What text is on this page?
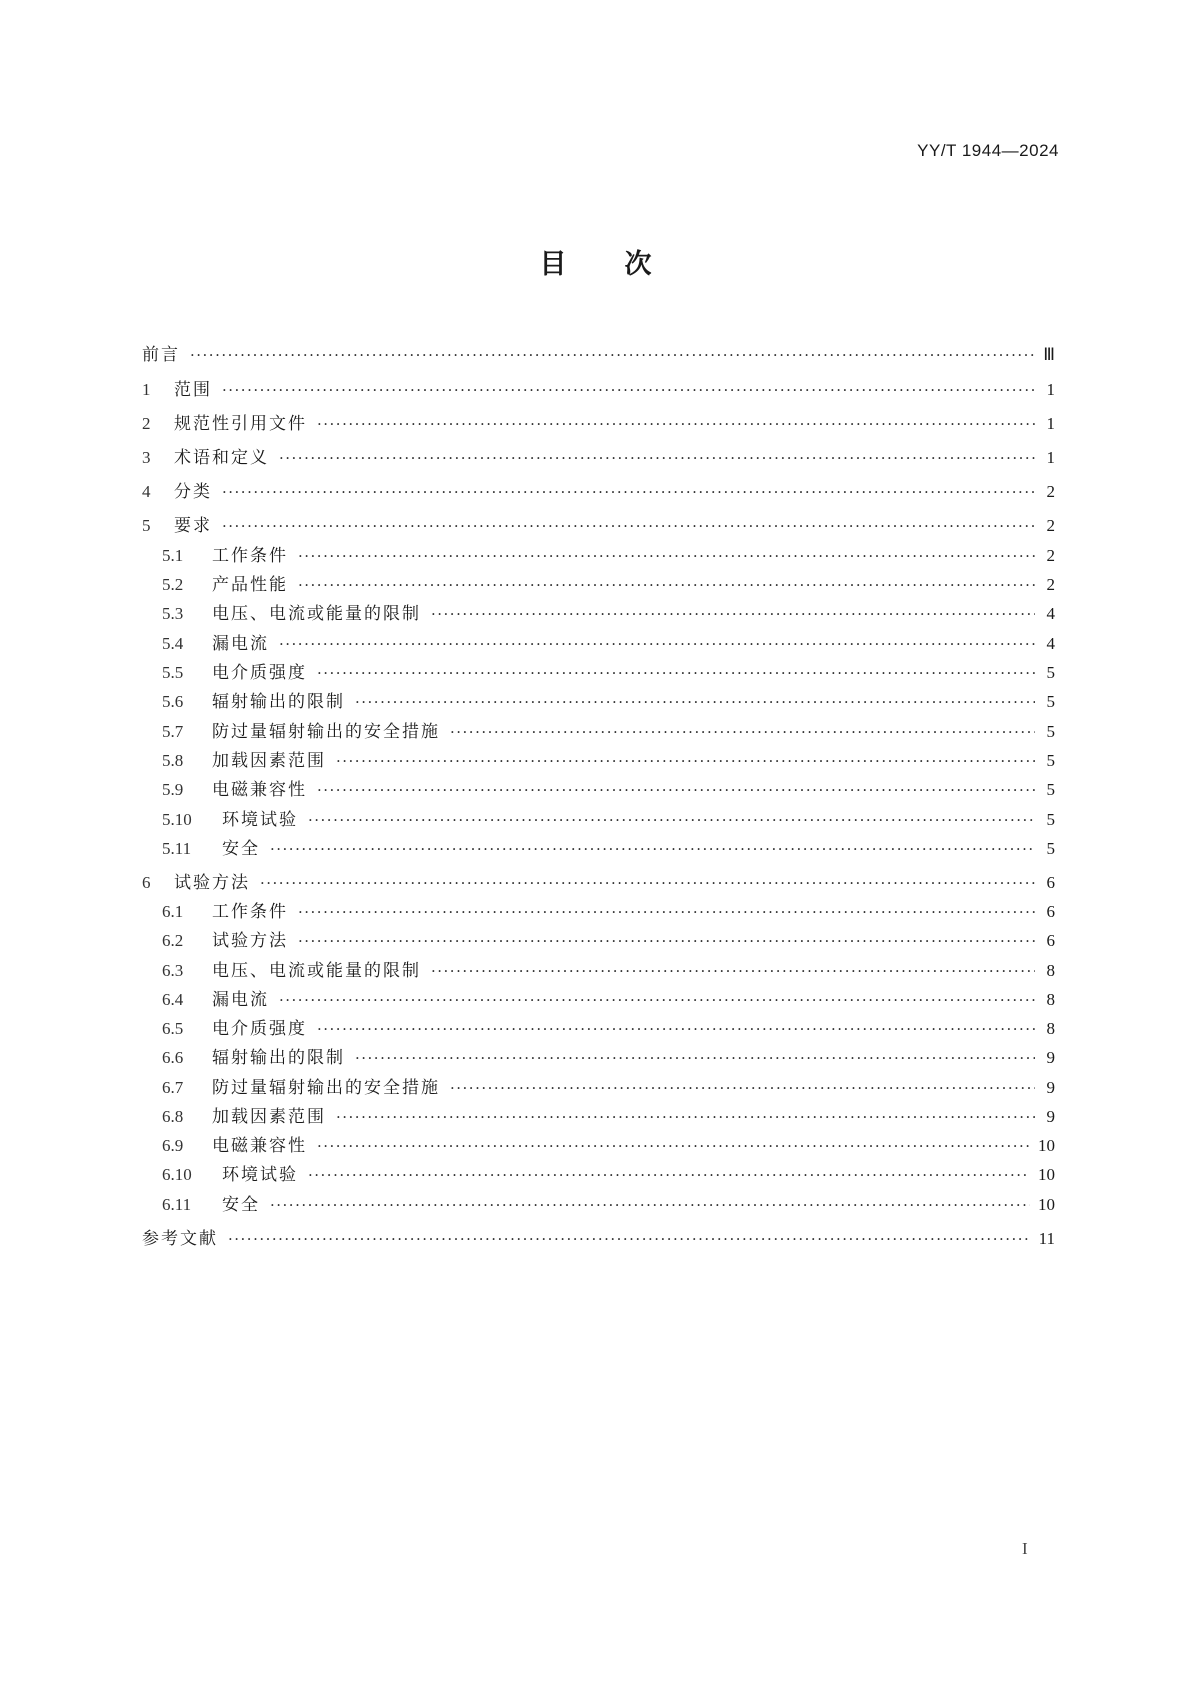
YY/T 1944—2024
目 次
前言 ·····	Ⅲ
1	范围 ·····	1
2	规范性引用文件 ·····	1
3	术语和定义 ·····	1
4	分类 ·····	2
5	要求 ·····	2
5.1	工作条件 ·····	2
5.2	产品性能 ·····	2
5.3	电压、电流或能量的限制 ·····	4
5.4	漏电流 ·····	4
5.5	电介质强度 ·····	5
5.6	辐射输出的限制 ·····	5
5.7	防过量辐射输出的安全措施 ·····	5
5.8	加载因素范围 ·····	5
5.9	电磁兼容性 ·····	5
5.10	环境试验 ·····	5
5.11	安全 ·····	5
6	试验方法 ·····	6
6.1	工作条件 ·····	6
6.2	试验方法 ·····	6
6.3	电压、电流或能量的限制 ·····	8
6.4	漏电流 ·····	8
6.5	电介质强度 ·····	8
6.6	辐射输出的限制 ·····	9
6.7	防过量辐射输出的安全措施 ·····	9
6.8	加载因素范围 ·····	9
6.9	电磁兼容性 ·····	10
6.10	环境试验 ·····	10
6.11	安全 ·····	10
参考文献 ·····	11
I
